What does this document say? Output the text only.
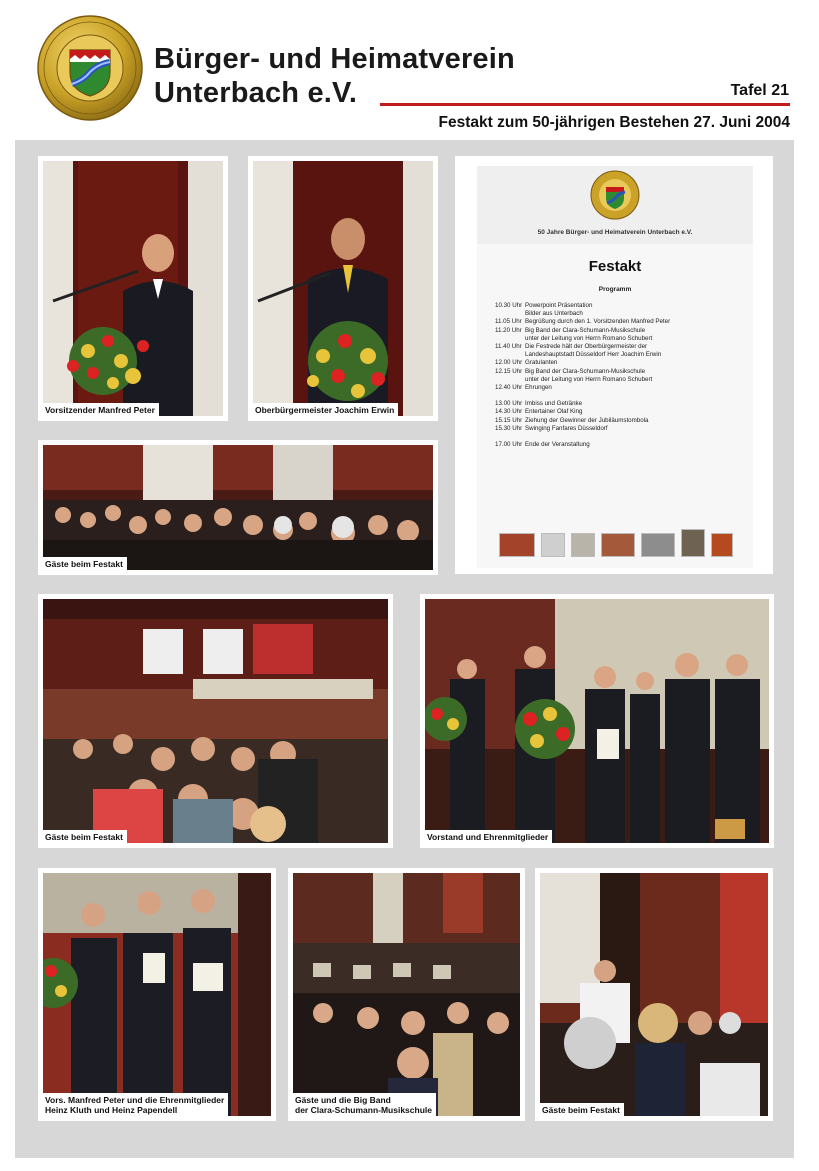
Bürger- und Heimatverein
Unterbach e.V.	Tafel 21
Festakt zum 50-jährigen Bestehen 27. Juni 2004
Vorsitzender Manfred Peter	Oberbürgermeister Joachim Erwin
Gäste beim Festakt
50 Jahre Bürger- und Heimatverein Unterbach e.V.
Festakt
Programm
10.30 Uhr Powerpoint Präsentation
Bilder aus Unterbach
11.05 Uhr Begrüßung durch den 1. Vorsitzenden Manfred Peter
11.20 Uhr Big Band der Clara-Schumann-Musikschule
unter der Leitung von Herrn Romano Schubert
11.40 Uhr Die Festrede hält der Oberbürgermeister der
Landeshauptstadt Düsseldorf Herr Joachim Erwin
12.00 Uhr Gratulanten
12.15 Uhr Big Band der Clara-Schumann-Musikschule
unter der Leitung von Herrn Romano Schubert
12.40 Uhr Ehrungen
13.00 Uhr Imbiss und Getränke
14.30 Uhr Entertainer Olaf King
15.15 Uhr Ziehung der Gewinner der Jubiläumstombola
15.30 Uhr Swinging Fanfares Düsseldorf
17.00 Uhr Ende der Veranstaltung
Gäste beim Festakt	Vorstand und Ehrenmitglieder
Vors. Manfred Peter und die Ehrenmitglieder
Heinz Kluth und Heinz Papendell
Gäste und die Big Band
der Clara-Schumann-Musikschule	Gäste beim Festakt
